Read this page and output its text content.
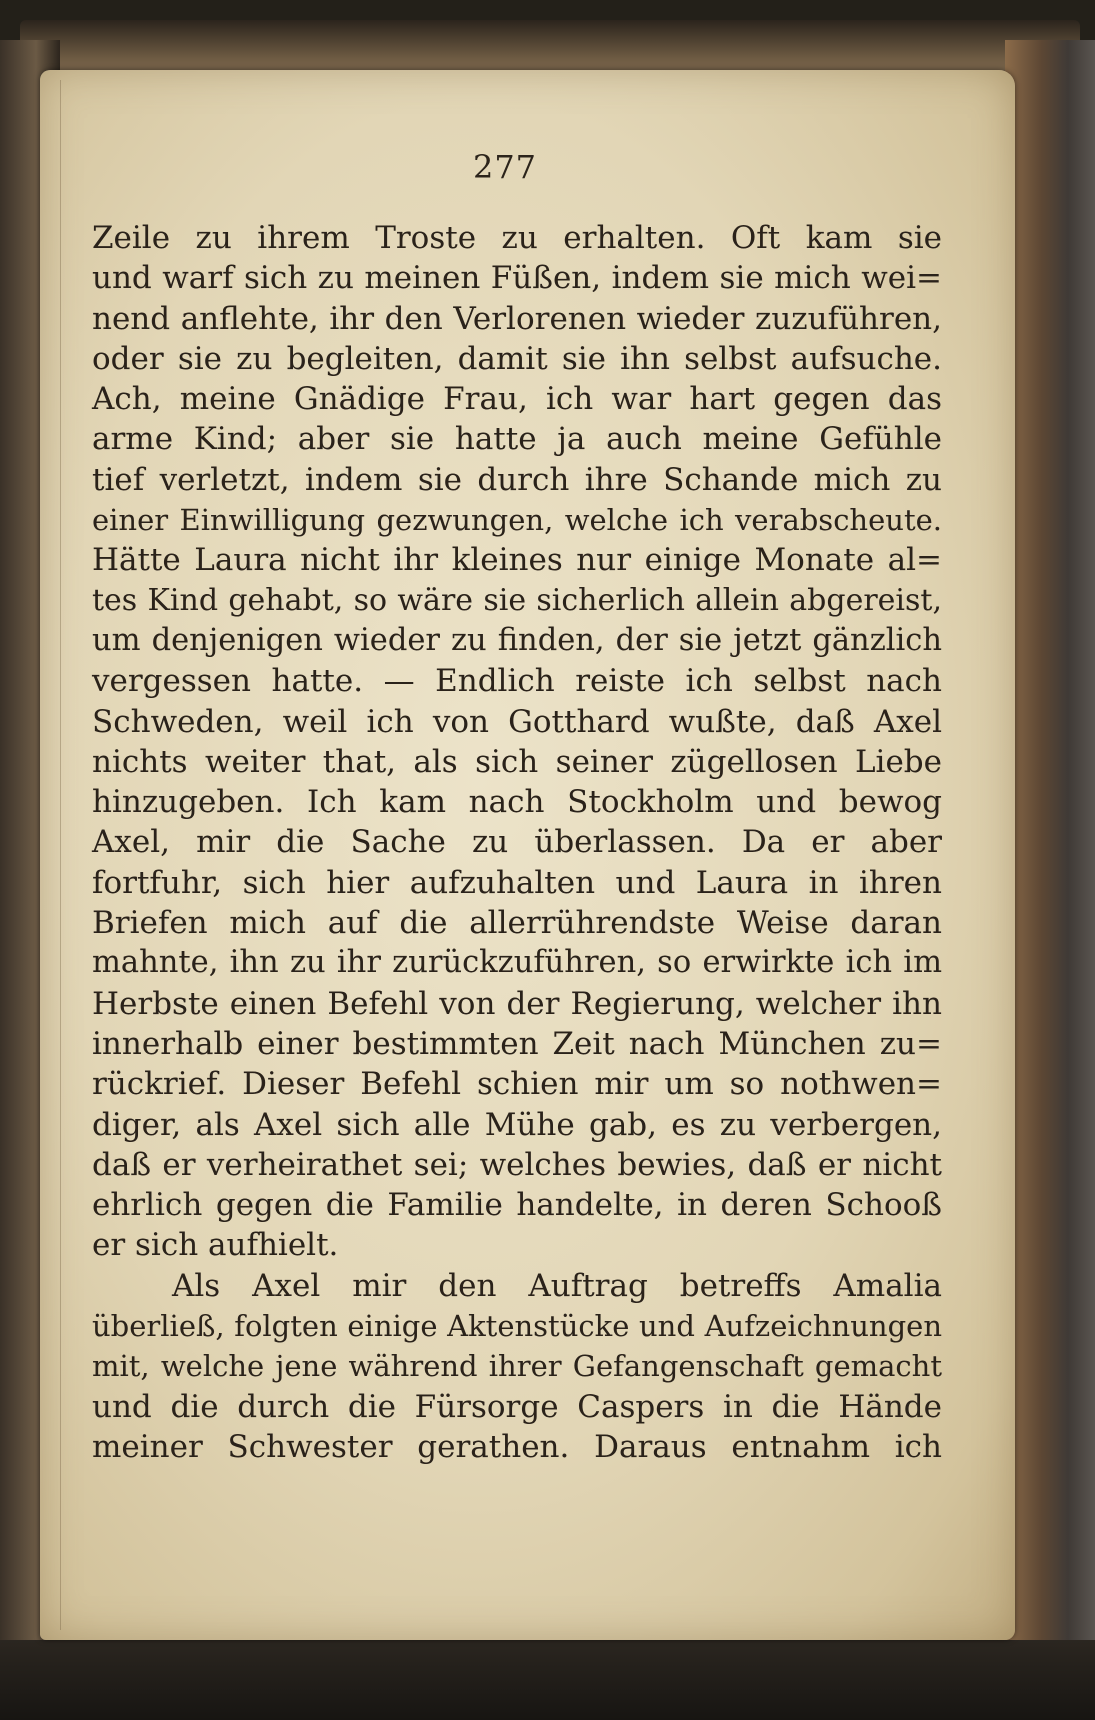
277
Zeile zu ihrem Troste zu erhalten. Oft kam sie
und warf sich zu meinen Füßen, indem sie mich wei=
nend anflehte, ihr den Verlorenen wieder zuzuführen,
oder sie zu begleiten, damit sie ihn selbst aufsuche.
Ach, meine Gnädige Frau, ich war hart gegen das
arme Kind; aber sie hatte ja auch meine Gefühle
tief verletzt, indem sie durch ihre Schande mich zu
einer Einwilligung gezwungen, welche ich verabscheute.
Hätte Laura nicht ihr kleines nur einige Monate al=
tes Kind gehabt, so wäre sie sicherlich allein abgereist,
um denjenigen wieder zu finden, der sie jetzt gänzlich
vergessen hatte. — Endlich reiste ich selbst nach
Schweden, weil ich von Gotthard wußte, daß Axel
nichts weiter that, als sich seiner zügellosen Liebe
hinzugeben. Ich kam nach Stockholm und bewog
Axel, mir die Sache zu überlassen. Da er aber
fortfuhr, sich hier aufzuhalten und Laura in ihren
Briefen mich auf die allerrührendste Weise daran
mahnte, ihn zu ihr zurückzuführen, so erwirkte ich im
Herbste einen Befehl von der Regierung, welcher ihn
innerhalb einer bestimmten Zeit nach München zu=
rückrief. Dieser Befehl schien mir um so nothwen=
diger, als Axel sich alle Mühe gab, es zu verbergen,
daß er verheirathet sei; welches bewies, daß er nicht
ehrlich gegen die Familie handelte, in deren Schooß
er sich aufhielt.
Als Axel mir den Auftrag betreffs Amalia
überließ, folgten einige Aktenstücke und Aufzeichnungen
mit, welche jene während ihrer Gefangenschaft gemacht
und die durch die Fürsorge Caspers in die Hände
meiner Schwester gerathen. Daraus entnahm ich
